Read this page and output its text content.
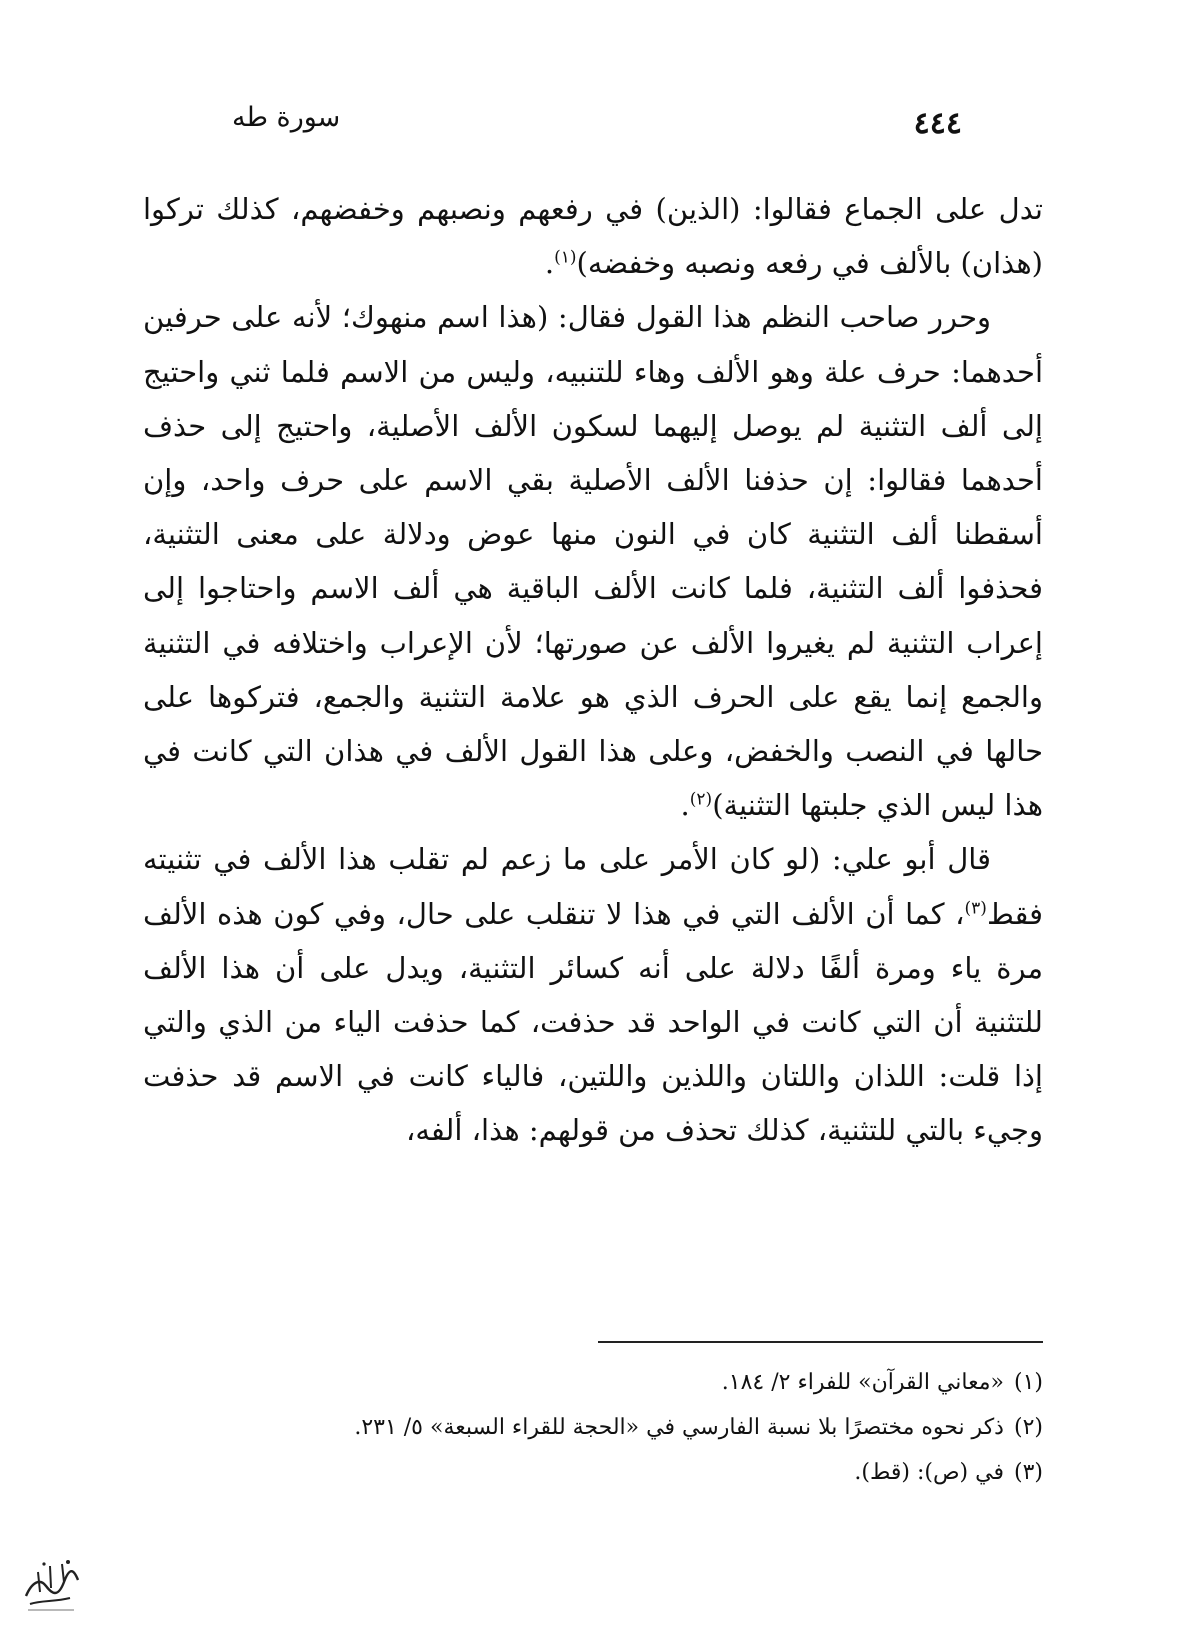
٤٤٤
سورة طه

تدل على الجماع فقالوا: (الذين) في رفعهم ونصبهم وخفضهم، كذلك تركوا (هذان) بالألف في رفعه ونصبه وخفضه)$^{(١)}$.

وحرر صاحب النظم هذا القول فقال: (هذا اسم منهوك؛ لأنه على حرفين أحدهما: حرف علة وهو الألف وهاء للتنبيه، وليس من الاسم فلما ثني واحتيج إلى ألف التثنية لم يوصل إليهما لسكون الألف الأصلية، واحتيج إلى حذف أحدهما فقالوا: إن حذفنا الألف الأصلية بقي الاسم على حرف واحد، وإن أسقطنا ألف التثنية كان في النون منها عوض ودلالة على معنى التثنية، فحذفوا ألف التثنية، فلما كانت الألف الباقية هي ألف الاسم واحتاجوا إلى إعراب التثنية لم يغيروا الألف عن صورتها؛ لأن الإعراب واختلافه في التثنية والجمع إنما يقع على الحرف الذي هو علامة التثنية والجمع، فتركوها على حالها في النصب والخفض، وعلى هذا القول الألف في هذان التي كانت في هذا ليس الذي جلبتها التثنية)$^{(٢)}$.

قال أبو علي: (لو كان الأمر على ما زعم لم تقلب هذا الألف في تثنيته فقط$^{(٣)}$، كما أن الألف التي في هذا لا تنقلب على حال، وفي كون هذه الألف مرة ياء ومرة ألفًا دلالة على أنه كسائر التثنية، ويدل على أن هذا الألف للتثنية أن التي كانت في الواحد قد حذفت، كما حذفت الياء من الذي والتي إذا قلت: اللذان واللتان واللذين واللتين، فالياء كانت في الاسم قد حذفت وجيء بالتي للتثنية، كذلك تحذف من قولهم: هذا، ألفه،

(١)«معاني القرآن» للفراء ٢/ ١٨٤.
(٢)ذكر نحوه مختصرًا بلا نسبة الفارسي في «الحجة للقراء السبعة» ٥/ ٢٣١.
(٣)في (ص): (قط).
